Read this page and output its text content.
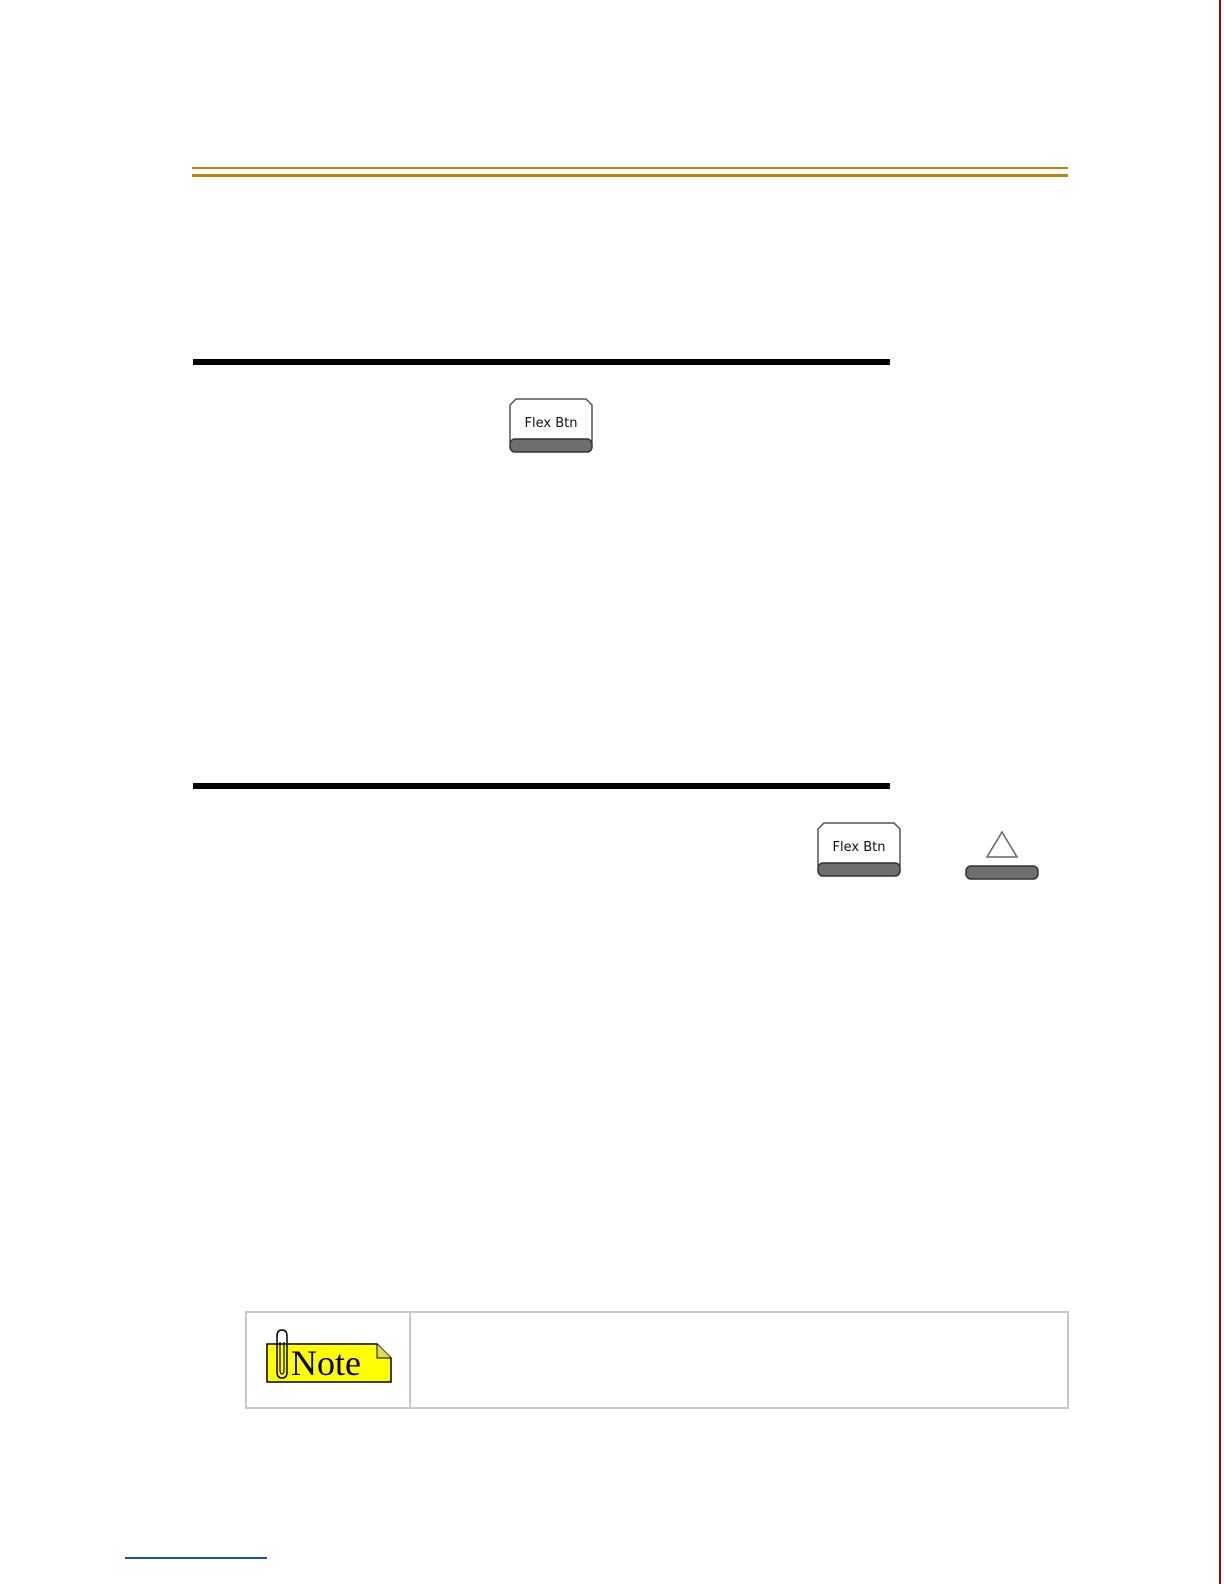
Flex Btn
Flex Btn
Note
